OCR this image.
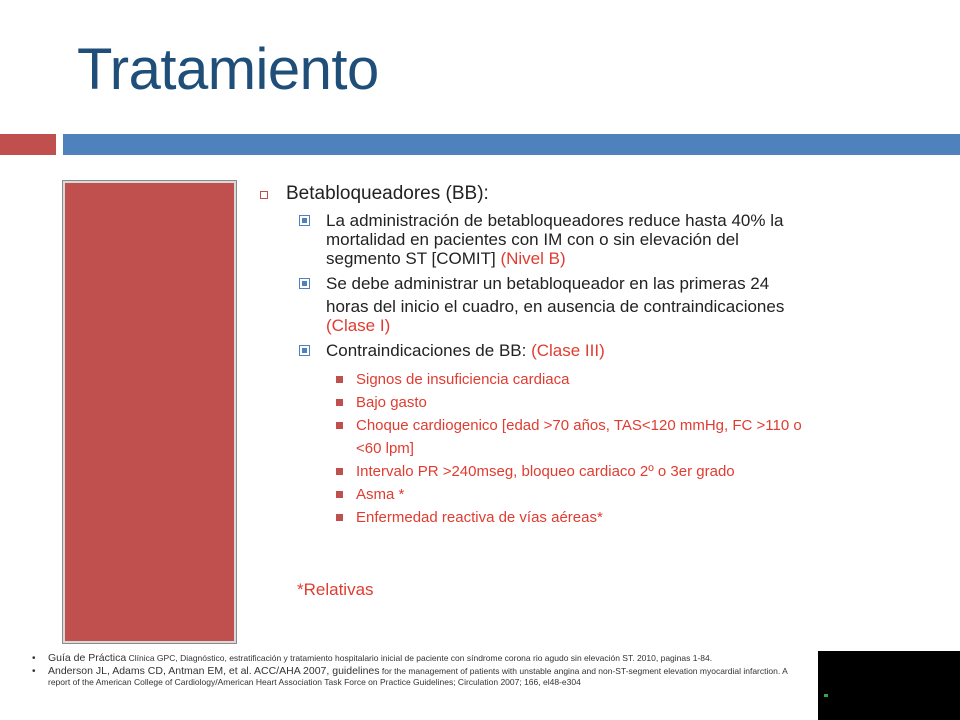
Tratamiento
Betabloqueadores (BB):
La administración de betabloqueadores reduce hasta 40% la
mortalidad en pacientes con IM con o sin elevación del
segmento ST [COMIT] (Nivel B)
Se debe administrar un betabloqueador en las primeras 24
horas del inicio el cuadro, en ausencia de contraindicaciones
(Clase I)
Contraindicaciones de BB: (Clase III)
Signos de insuficiencia cardiaca
Bajo gasto
Choque cardiogenico [edad >70 años, TAS<120 mmHg, FC >110 o
<60 lpm]
Intervalo PR >240mseg, bloqueo cardiaco 2º o 3er grado
Asma *
Enfermedad reactiva de vías aéreas*
*Relativas
• Guía de Práctica Clínica GPC, Diagnóstico, estratificación y tratamiento hospitalario inicial de paciente con síndrome corona rio agudo sin elevación ST. 2010, paginas 1-84.
• Anderson JL, Adams CD, Antman EM, et al. ACC/AHA 2007, guidelines for the management of patients with unstable angina and non-ST-segment elevation myocardial infarction. A report of the American College of Cardiology/American Heart Association Task Force on Practice Guidelines; Circulation 2007; 166, el48-e304
